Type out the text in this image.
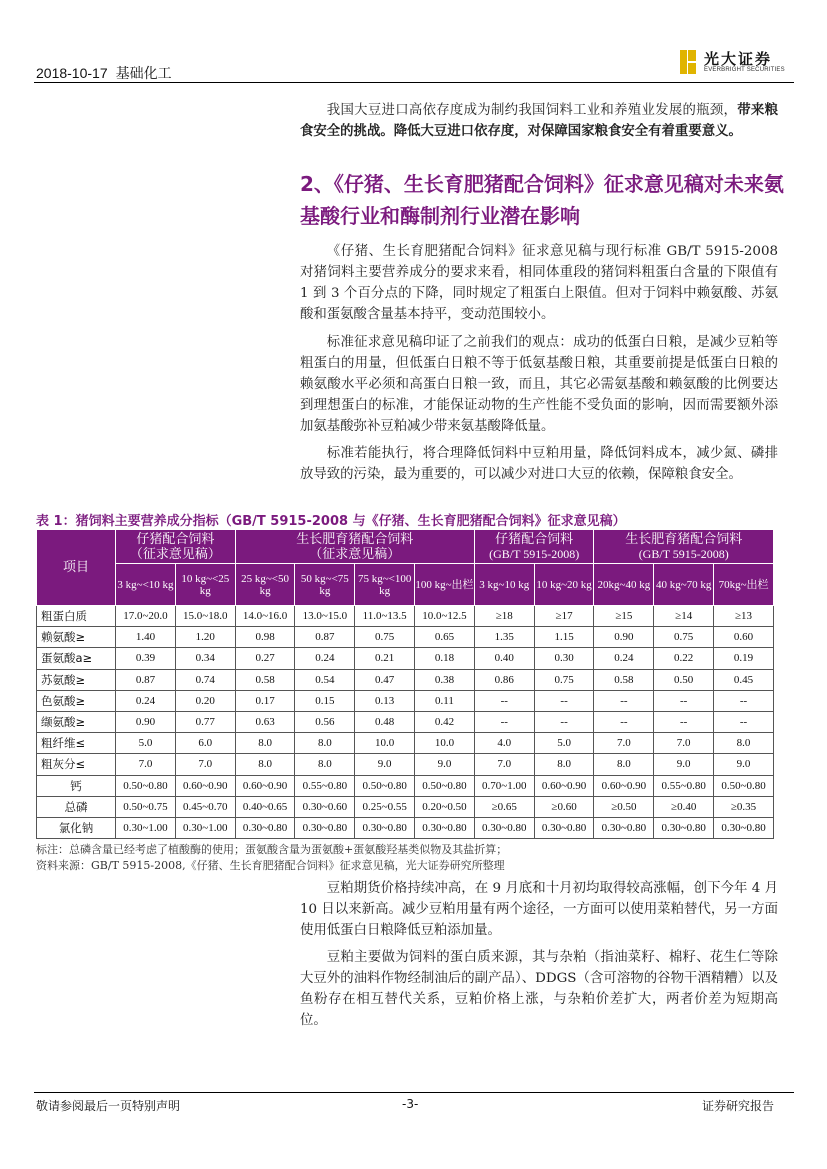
2018-10-17 基础化工
光大证券
EVERBRIGHT SECURITIES
我国大豆进口高依存度成为制约我国饲料工业和养殖业发展的瓶颈，带来粮食安全的挑战。降低大豆进口依存度，对保障国家粮食安全有着重要意义。
2、《仔猪、生长育肥猪配合饲料》征求意见稿对未来氨基酸行业和酶制剂行业潜在影响
《仔猪、生长育肥猪配合饲料》征求意见稿与现行标准 GB/T 5915-2008 对猪饲料主要营养成分的要求来看，相同体重段的猪饲料粗蛋白含量的下限值有 1 到 3 个百分点的下降，同时规定了粗蛋白上限值。但对于饲料中赖氨酸、苏氨酸和蛋氨酸含量基本持平，变动范围较小。
标准征求意见稿印证了之前我们的观点：成功的低蛋白日粮，是减少豆粕等粗蛋白的用量，但低蛋白日粮不等于低氨基酸日粮，其重要前提是低蛋白日粮的赖氨酸水平必须和高蛋白日粮一致，而且，其它必需氨基酸和赖氨酸的比例要达到理想蛋白的标准，才能保证动物的生产性能不受负面的影响，因而需要额外添加氨基酸弥补豆粕减少带来氨基酸降低量。
标准若能执行，将合理降低饲料中豆粕用量，降低饲料成本，减少氮、磷排放导致的污染，最为重要的，可以减少对进口大豆的依赖，保障粮食安全。
表 1：猪饲料主要营养成分指标（GB/T 5915-2008 与《仔猪、生长育肥猪配合饲料》征求意见稿）
项目	仔猪配合饲料
（征求意见稿）		生长肥育猪配合饲料
（征求意见稿）				仔猪配合饲料
(GB/T 5915-2008)		生长肥育猪配合饲料
(GB/T 5915-2008)		
	3 kg~<10 kg	10 kg~<25 kg	25 kg~<50 kg	50 kg~<75 kg	75 kg~<100 kg	100 kg~出栏	3 kg~10 kg	10 kg~20 kg	20kg~40 kg	40 kg~70 kg	70kg~出栏
粗蛋白质	17.0~20.0	15.0~18.0	14.0~16.0	13.0~15.0	11.0~13.5	10.0~12.5	≥18	≥17	≥15	≥14	≥13
赖氨酸≥	1.40	1.20	0.98	0.87	0.75	0.65	1.35	1.15	0.90	0.75	0.60
蛋氨酸a≥	0.39	0.34	0.27	0.24	0.21	0.18	0.40	0.30	0.24	0.22	0.19
苏氨酸≥	0.87	0.74	0.58	0.54	0.47	0.38	0.86	0.75	0.58	0.50	0.45
色氨酸≥	0.24	0.20	0.17	0.15	0.13	0.11	--	--	--	--	--
缬氨酸≥	0.90	0.77	0.63	0.56	0.48	0.42	--	--	--	--	--
粗纤维≤	5.0	6.0	8.0	8.0	10.0	10.0	4.0	5.0	7.0	7.0	8.0
粗灰分≤	7.0	7.0	8.0	8.0	9.0	9.0	7.0	8.0	8.0	9.0	9.0
钙	0.50~0.80	0.60~0.90	0.60~0.90	0.55~0.80	0.50~0.80	0.50~0.80	0.70~1.00	0.60~0.90	0.60~0.90	0.55~0.80	0.50~0.80
总磷	0.50~0.75	0.45~0.70	0.40~0.65	0.30~0.60	0.25~0.55	0.20~0.50	≥0.65	≥0.60	≥0.50	≥0.40	≥0.35
氯化钠	0.30~1.00	0.30~1.00	0.30~0.80	0.30~0.80	0.30~0.80	0.30~0.80	0.30~0.80	0.30~0.80	0.30~0.80	0.30~0.80	0.30~0.80
标注：总磷含量已经考虑了植酸酶的使用；蛋氨酸含量为蛋氨酸+蛋氨酸羟基类似物及其盐折算；
资料来源：GB/T 5915-2008,《仔猪、生长育肥猪配合饲料》征求意见稿，光大证券研究所整理
豆粕期货价格持续冲高，在 9 月底和十月初均取得较高涨幅，创下今年 4 月 10 日以来新高。减少豆粕用量有两个途径，一方面可以使用菜粕替代，另一方面使用低蛋白日粮降低豆粕添加量。
豆粕主要做为饲料的蛋白质来源，其与杂粕（指油菜籽、棉籽、花生仁等除大豆外的油料作物经制油后的副产品）、DDGS（含可溶物的谷物干酒精糟）以及鱼粉存在相互替代关系，豆粕价格上涨，与杂粕价差扩大，两者价差为短期高位。
敬请参阅最后一页特别声明	-3-	证券研究报告
